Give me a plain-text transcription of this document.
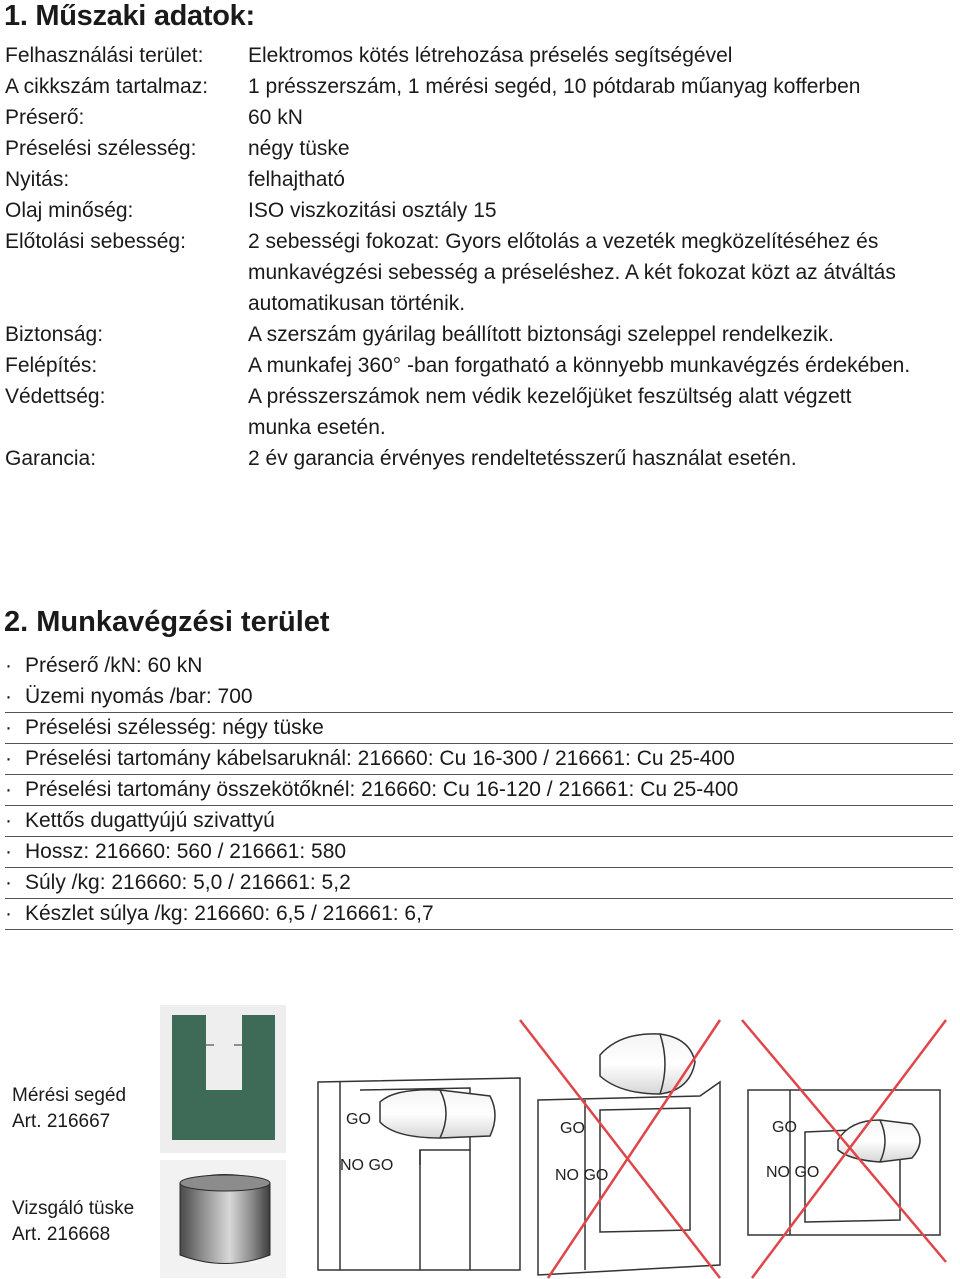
1. Műszaki adatok:
Felhasználási terület:	Elektromos kötés létrehozása préselés segítségével
A cikkszám tartalmaz:	1 présszerszám, 1 mérési segéd, 10 pótdarab műanyag kofferben
Préserő:	60 kN
Préselési szélesség:	négy tüske
Nyitás:	felhajtható
Olaj minőség:	ISO viszkozitási osztály 15
Előtolási sebesség:	2 sebességi fokozat: Gyors előtolás a vezeték megközelítéséhez és munkavégzési sebesség a préseléshez. A két fokozat közt az átváltás automatikusan történik.
Biztonság:	A szerszám gyárilag beállított biztonsági szeleppel rendelkezik.
Felépítés:	A munkafej 360° -ban forgatható a könnyebb munkavégzés érdekében.
Védettség:	A présszerszámok nem védik kezelőjüket feszültség alatt végzett munka esetén.
Garancia:	2 év garancia érvényes rendeltetésszerű használat esetén.
2. Munkavégzési terület
· Préserő /kN: 60 kN
· Üzemi nyomás /bar: 700
· Préselési szélesség: négy tüske
· Préselési tartomány kábelsaruknál: 216660: Cu 16-300 / 216661: Cu 25-400
· Préselési tartomány összekötőknél: 216660: Cu 16-120 / 216661: Cu 25-400
· Kettős dugattyújú szivattyú
· Hossz: 216660: 560 / 216661: 580
· Súly /kg: 216660: 5,0 / 216661: 5,2
· Készlet súlya /kg: 216660: 6,5 / 216661: 6,7
Mérési segéd
Art. 216667
Vizsgáló tüske
Art. 216668
GO
NO GO
GO
NO GO
GO
NO GO
